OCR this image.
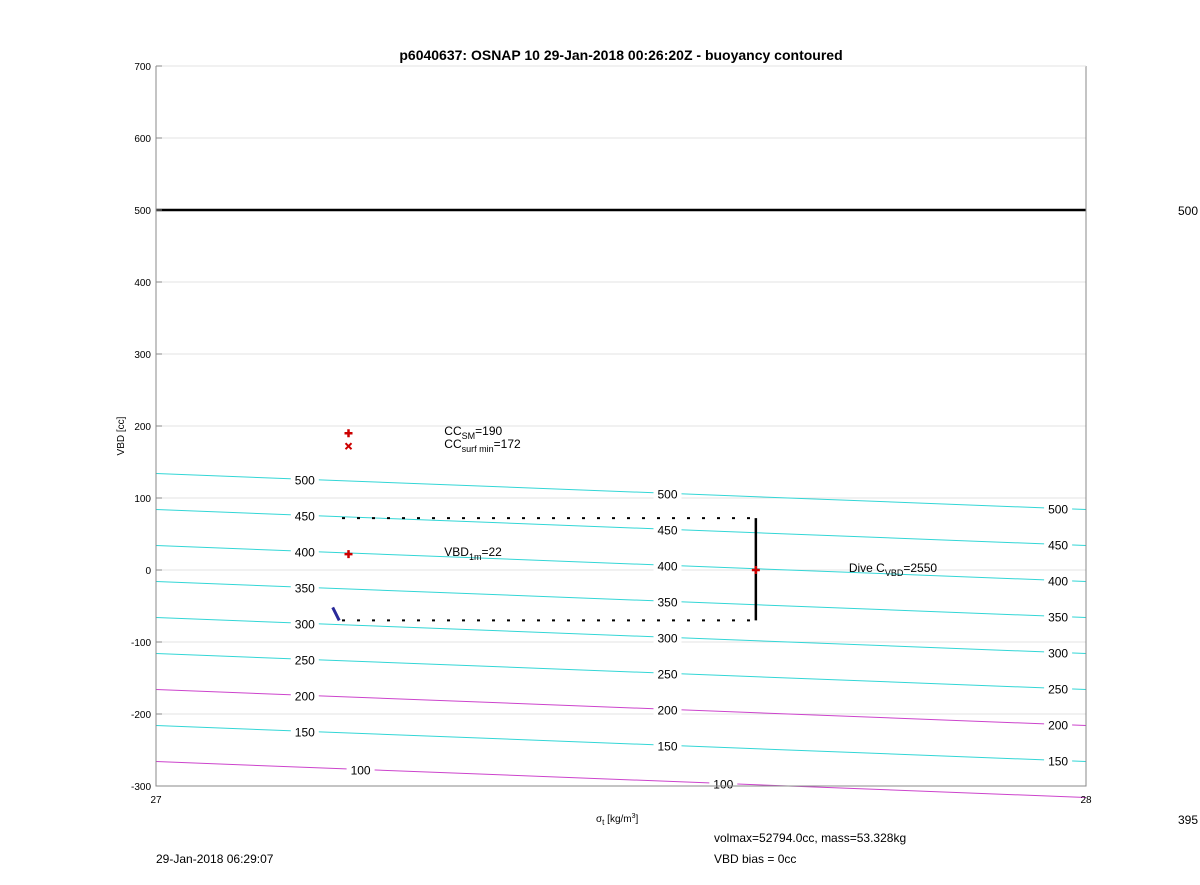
500
500
500
450
450
450
400
400
400
350
350
350
300
300
300
250
250
250
200
200
200
150
150
150
100
100
500
-300
-200
-100
0
100
200
300
400
500
600
700
27	28
p6040637: OSNAP 10 29-Jan-2018 00:26:20Z - buoyancy contoured
VBD [cc]
$\sigma_t$ $[kg/m^3]$
$CC_{SM}=190$
$CC_{surf min}=172$
$VBD_{1m}=22$
Dive $C_{VBD}=2550$
29-Jan-2018 06:29:07
volmax=52794.0cc, mass=53.328kg
VBD bias = 0cc
395
